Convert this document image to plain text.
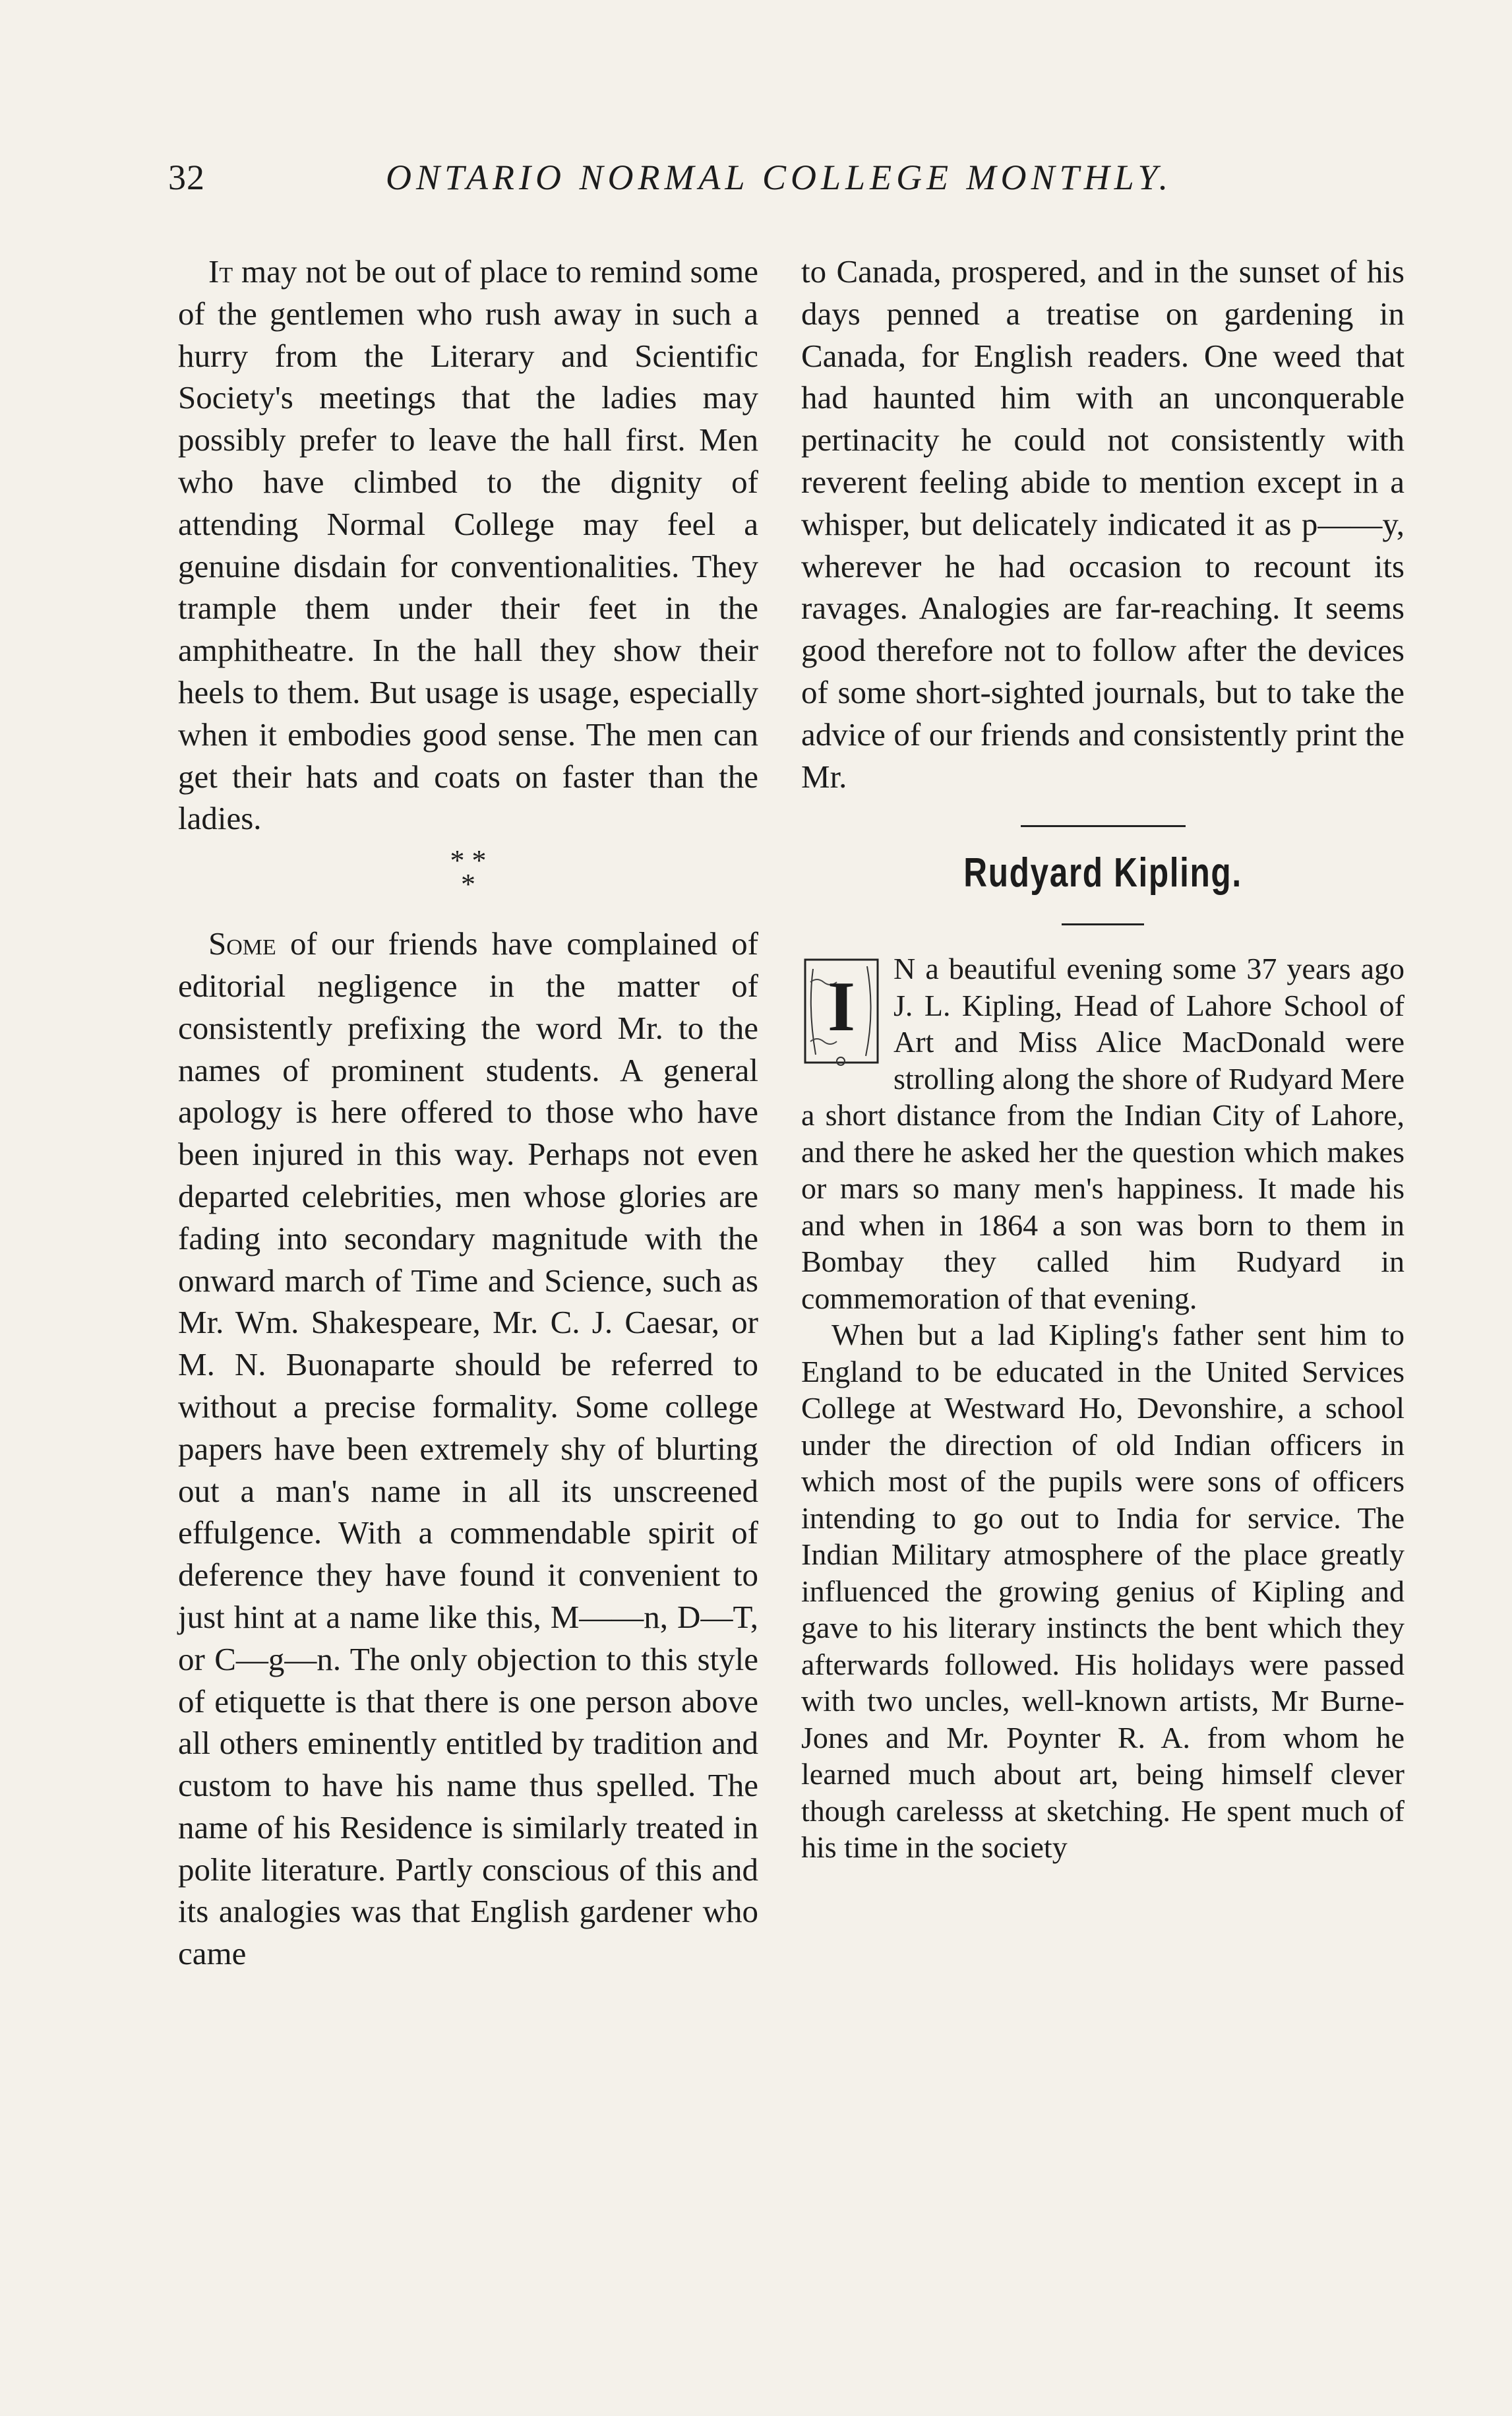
32	ONTARIO NORMAL COLLEGE MONTHLY.

It may not be out of place to remind some of the gentlemen who rush away in such a hurry from the Literary and Scientific Society's meetings that the ladies may possibly prefer to leave the hall first. Men who have climbed to the dignity of attending Normal College may feel a genuine disdain for conventionalities. They trample them under their feet in the amphitheatre. In the hall they show their heels to them. But usage is usage, especially when it embodies good sense. The men can get their hats and coats on faster than the ladies.

* *
*

Some of our friends have complained of editorial negligence in the matter of consistently prefixing the word Mr. to the names of prominent students. A general apology is here offered to those who have been injured in this way. Perhaps not even departed celebrities, men whose glories are fading into secondary magnitude with the onward march of Time and Science, such as Mr. Wm. Shakespeare, Mr. C. J. Caesar, or M. N. Buonaparte should be referred to without a precise formality. Some college papers have been extremely shy of blurting out a man's name in all its unscreened effulgence. With a commendable spirit of deference they have found it convenient to just hint at a name like this, M——n, D—T, or C—g—n. The only objection to this style of etiquette is that there is one person above all others eminently entitled by tradition and custom to have his name thus spelled. The name of his Residence is similarly treated in polite literature. Partly conscious of this and its analogies was that English gardener who came

to Canada, prospered, and in the sunset of his days penned a treatise on gardening in Canada, for English readers. One weed that had haunted him with an unconquerable pertinacity he could not consistently with reverent feeling abide to mention except in a whisper, but delicately indicated it as p——y, wherever he had occasion to recount its ravages. Analogies are far-reaching. It seems good therefore not to follow after the devices of some short-sighted journals, but to take the advice of our friends and consistently print the Mr.

Rudyard Kipling.
I	N a beautiful evening some 37 years ago J. L. Kipling, Head of Lahore School of Art and Miss Alice MacDonald were strolling along the shore of Rudyard Mere a short distance from the Indian City of Lahore, and there he asked her the question which makes or mars so many men's happiness. It made his and when in 1864 a son was born to them in Bombay they called him Rudyard in commemoration of that evening.

When but a lad Kipling's father sent him to England to be educated in the United Services College at Westward Ho, Devonshire, a school under the direction of old Indian officers in which most of the pupils were sons of officers intending to go out to India for service. The Indian Military atmosphere of the place greatly influenced the growing genius of Kipling and gave to his literary instincts the bent which they afterwards followed. His holidays were passed with two uncles, well-known artists, Mr Burne-Jones and Mr. Poynter R. A. from whom he learned much about art, being himself clever though carelesss at sketching. He spent much of his time in the society
